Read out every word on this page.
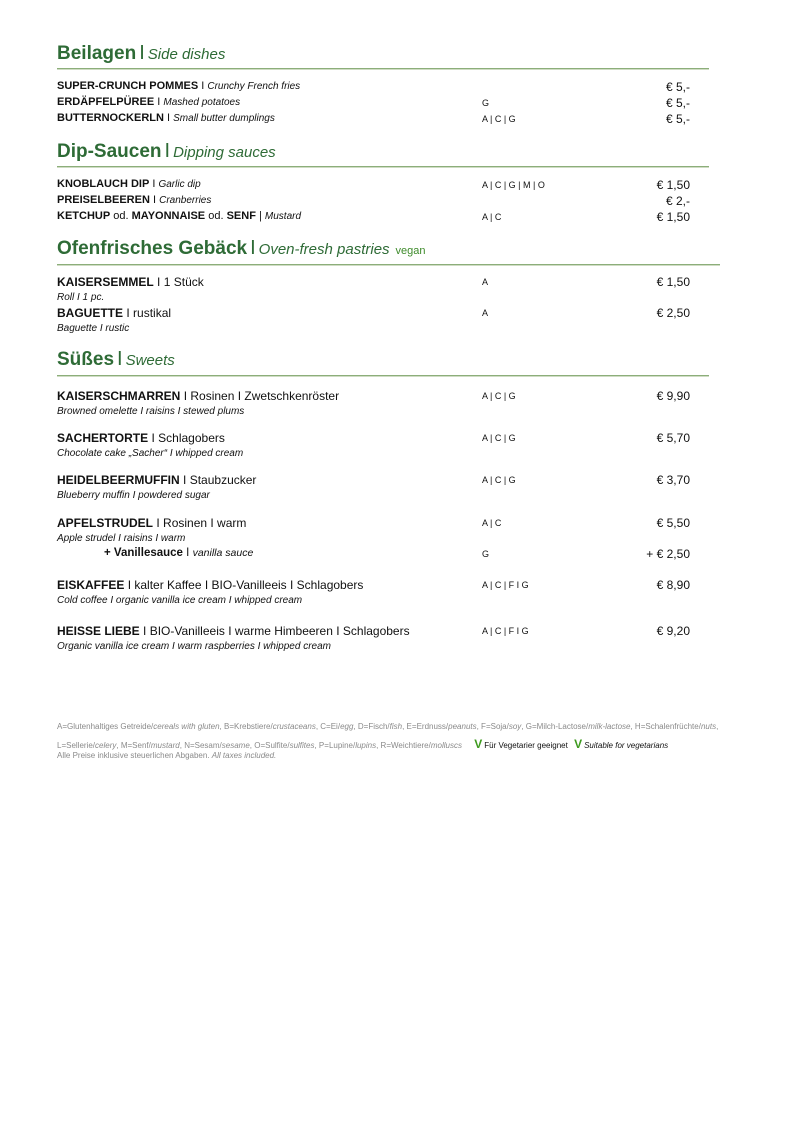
Beilagen I Side dishes
SUPER-CRUNCH POMMES I Crunchy French fries	€ 5,-
ERDÄPFELPÜREE I Mashed potatoes	G	€ 5,-
BUTTERNOCKERLN I Small butter dumplings	A | C | G	€ 5,-
Dip-Saucen I Dipping sauces
KNOBLAUCH DIP I Garlic dip	A | C | G | M | O	€ 1,50
PREISELBEEREN I Cranberries	€ 2,-
KETCHUP od. MAYONNAISE od. SENF | Mustard	A | C	€ 1,50
Ofenfrisches Gebäck I Oven-fresh pastries vegan
KAISERSEMMEL I 1 Stück	A	€ 1,50
Roll I 1 pc.
BAGUETTE I rustikal	A	€ 2,50
Baguette I rustic
Süßes I Sweets
KAISERSCHMARREN I Rosinen I Zwetschkenröster	A | C | G	€ 9,90
Browned omelette I raisins I stewed plums
SACHERTORTE I Schlagobers	A | C | G	€ 5,70
Chocolate cake „Sacher“ I whipped cream
HEIDELBEERMUFFIN I Staubzucker	A | C | G	€ 3,70
Blueberry muffin I powdered sugar
APFELSTRUDEL I Rosinen I warm	A | C	€ 5,50
Apple strudel I raisins I warm
+ Vanillesauce I vanilla sauce	G	+ € 2,50
EISKAFFEE I kalter Kaffee I BIO-Vanilleeis I Schlagobers	A | C | F I G	€ 8,90
Cold coffee I organic vanilla ice cream I whipped cream
HEISSE LIEBE I BIO-Vanilleeis I warme Himbeeren I Schlagobers	A | C | F I G	€ 9,20
Organic vanilla ice cream I warm raspberries I whipped cream
A=Glutenhaltiges Getreide/cereals with gluten, B=Krebstiere/crustaceans, C=Ei/egg, D=Fisch/fish, E=Erdnuss/peanuts, F=Soja/soy, G=Milch-Lactose/milk-lactose, H=Schalenfrüchte/nuts,
L=Sellerie/celery, M=Senf/mustard, N=Sesam/sesame, O=Sulfite/sulfites, P=Lupine/lupins, R=Weichtiere/molluscs V Für Vegetarier geeignet V Suitable for vegetarians
Alle Preise inklusive steuerlichen Abgaben. All taxes included.
